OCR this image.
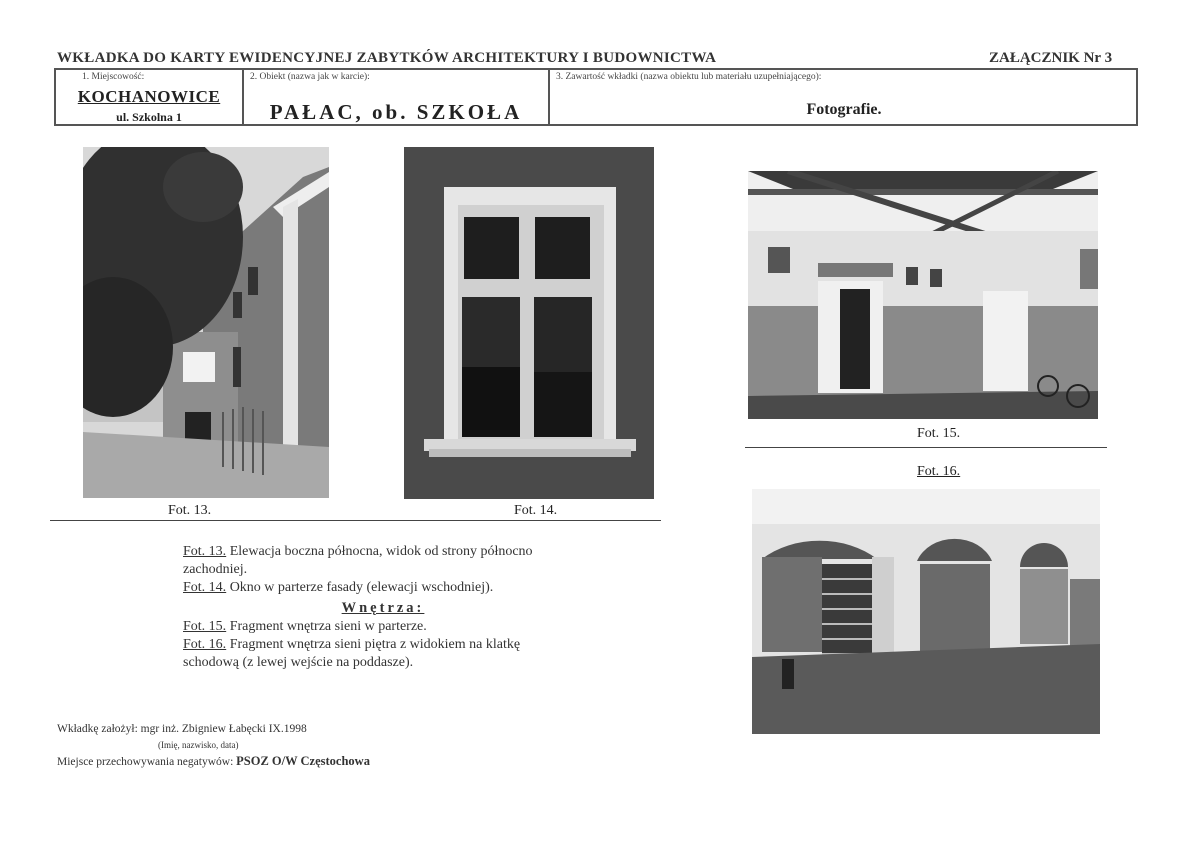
WKŁADKA DO KARTY EWIDENCYJNEJ ZABYTKÓW ARCHITEKTURY I BUDOWNICTWA	ZAŁĄCZNIK Nr 3
1. Miejscowość:
KOCHANOWICE
ul. Szkolna 1
2. Obiekt (nazwa jak w karcie):
PAŁAC, ob. SZKOŁA
3. Zawartość wkładki (nazwa obiektu lub materiału uzupełniającego):
Fotografie.
Fot. 13.	Fot. 14.
Fot. 15.
Fot. 16.

Fot. 13. Elewacja boczna północna, widok od strony północno zachodniej.

Fot. 14. Okno w parterze fasady (elewacji wschodniej).

Wnętrza:

Fot. 15. Fragment wnętrza sieni w parterze.

Fot. 16. Fragment wnętrza sieni piętra z widokiem na klatkę schodową (z lewej wejście na poddasze).

Wkładkę założył: mgr inż. Zbigniew Łabęcki IX.1998
(Imię, nazwisko, data)
Miejsce przechowywania negatywów: PSOZ O/W Częstochowa
